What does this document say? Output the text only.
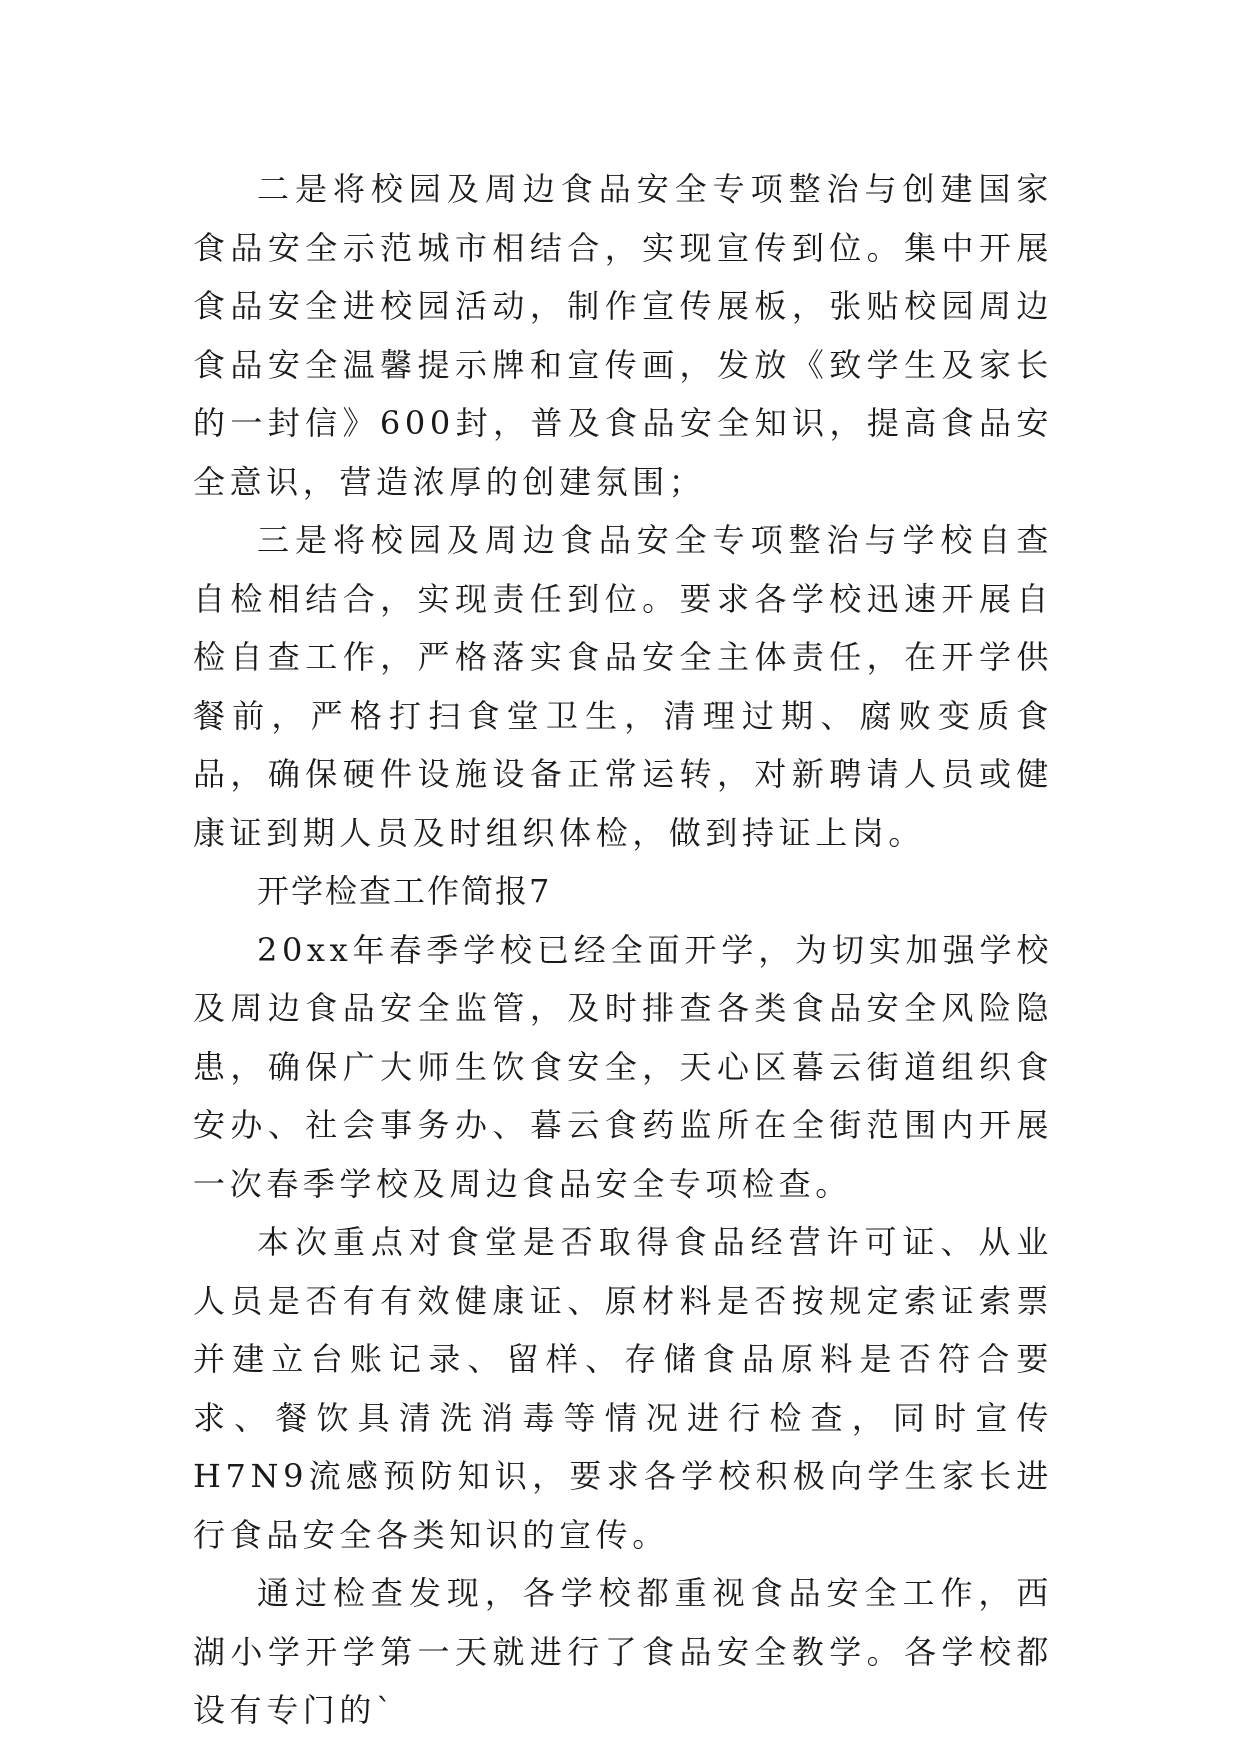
二是将校园及周边食品安全专项整治与创建国家食品安全示范城市相结合，实现宣传到位。集中开展食品安全进校园活动，制作宣传展板，张贴校园周边食品安全温馨提示牌和宣传画，发放《致学生及家长的一封信》600封，普及食品安全知识，提高食品安全意识，营造浓厚的创建氛围；

三是将校园及周边食品安全专项整治与学校自查自检相结合，实现责任到位。要求各学校迅速开展自检自查工作，严格落实食品安全主体责任，在开学供餐前，严格打扫食堂卫生，清理过期、腐败变质食品，确保硬件设施设备正常运转，对新聘请人员或健康证到期人员及时组织体检，做到持证上岗。

开学检查工作简报7

20xx年春季学校已经全面开学，为切实加强学校及周边食品安全监管，及时排查各类食品安全风险隐患，确保广大师生饮食安全，天心区暮云街道组织食安办、社会事务办、暮云食药监所在全街范围内开展一次春季学校及周边食品安全专项检查。

本次重点对食堂是否取得食品经营许可证、从业人员是否有有效健康证、原材料是否按规定索证索票并建立台账记录、留样、存储食品原料是否符合要求、餐饮具清洗消毒等情况进行检查，同时宣传H7N9流感预防知识，要求各学校积极向学生家长进行食品安全各类知识的宣传。

通过检查发现，各学校都重视食品安全工作，西湖小学开学第一天就进行了食品安全教学。各学校都设有专门的`
